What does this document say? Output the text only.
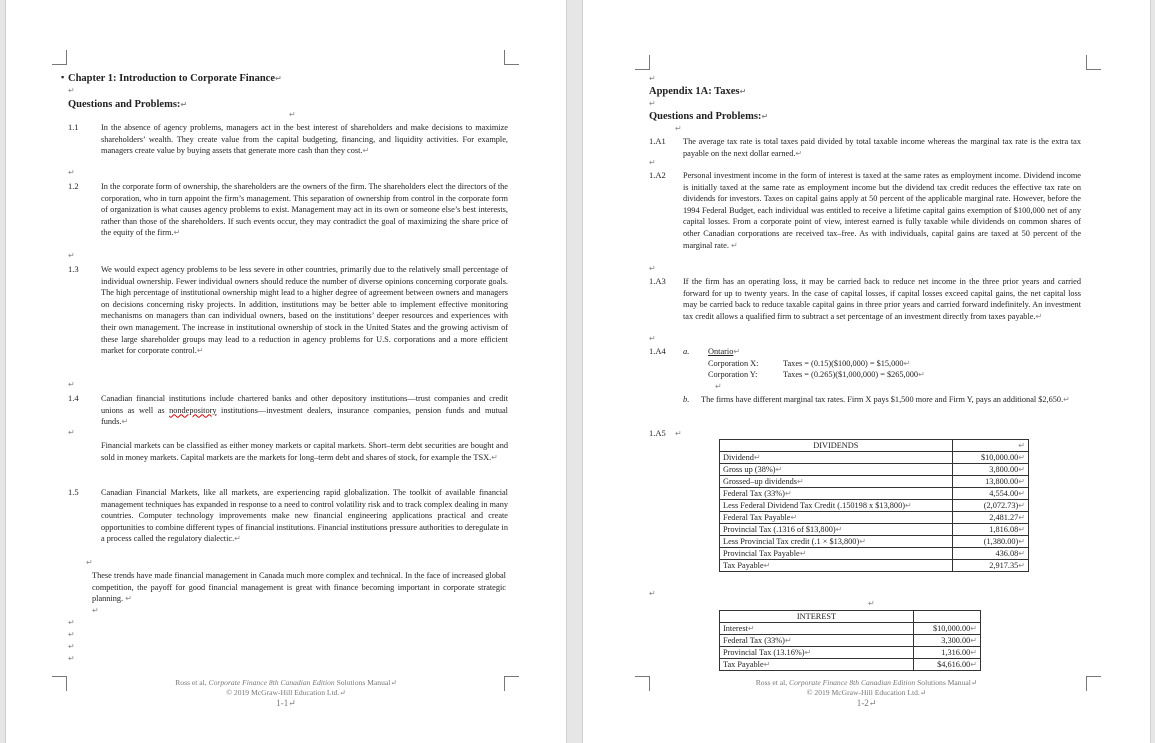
▪ Chapter 1: Introduction to Corporate Finance↵
↵
Questions and Problems:↵
↵
1.1	In the absence of agency problems, managers act in the best interest of shareholders and make decisions to maximize shareholders’ wealth. They create value from the capital budgeting, financing, and liquidity activities. For example, managers create value by buying assets that generate more cash than they cost.↵

↵
1.2	In the corporate form of ownership, the shareholders are the owners of the firm. The shareholders elect the directors of the corporation, who in turn appoint the firm’s management. This separation of ownership from control in the corporate form of organization is what causes agency problems to exist. Management may act in its own or someone else’s best interests, rather than those of the shareholders. If such events occur, they may contradict the goal of maximizing the share price of the equity of the firm.↵

↵
1.3	We would expect agency problems to be less severe in other countries, primarily due to the relatively small percentage of individual ownership. Fewer individual owners should reduce the number of diverse opinions concerning corporate goals. The high percentage of institutional ownership might lead to a higher degree of agreement between owners and managers on decisions concerning risky projects. In addition, institutions may be better able to implement effective monitoring mechanisms on managers than can individual owners, based on the institutions’ deeper resources and experiences with their own management. The increase in institutional ownership of stock in the United States and the growing activism of these large shareholder groups may lead to a reduction in agency problems for U.S. corporations and a more efficient market for corporate control.↵

↵
1.4	Canadian financial institutions include chartered banks and other depository institutions—trust companies and credit unions as well as nondepository institutions—investment dealers, insurance companies, pension funds and mutual funds.↵

↵

Financial markets can be classified as either money markets or capital markets. Short–term debt securities are bought and sold in money markets. Capital markets are the markets for long–term debt and shares of stock, for example the TSX.↵

1.5	Canadian Financial Markets, like all markets, are experiencing rapid globalization. The toolkit of available financial management techniques has expanded in response to a need to control volatility risk and to track complex dealing in many countries. Computer technology improvements make new financial engineering applications practical and create opportunities to combine different types of financial institutions. Financial institutions pressure authorities to deregulate in a process called the regulatory dialectic.↵

↵

These trends have made financial management in Canada much more complex and technical. In the face of increased global competition, the payoff for good financial management is great with finance becoming important in corporate strategic planning. ↵

↵
↵
↵
↵
↵
Ross et al, Corporate Finance 8th Canadian Edition Solutions Manual↵
© 2019 McGraw-Hill Education Ltd.↵
1-1↵
↵
Appendix 1A: Taxes↵
↵
Questions and Problems:↵
↵
1.A1 The average tax rate is total taxes paid divided by total taxable income whereas the marginal tax rate is the extra tax payable on the next dollar earned.↵

↵
1.A2 Personal investment income in the form of interest is taxed at the same rates as employment income. Dividend income is initially taxed at the same rate as employment income but the dividend tax credit reduces the effective tax rate on dividends for investors. Taxes on capital gains apply at 50 percent of the applicable marginal rate. However, before the 1994 Federal Budget, each individual was entitled to receive a lifetime capital gains exemption of $100,000 net of any capital losses. From a corporate point of view, interest earned is fully taxable while dividends on common shares of other Canadian corporations are received tax–free. As with individuals, capital gains are taxed at 50 percent of the marginal rate. ↵

↵
1.A3 If the firm has an operating loss, it may be carried back to reduce net income in the three prior years and carried forward for up to twenty years. In the case of capital losses, if capital losses exceed capital gains, the net capital loss may be carried back to reduce taxable capital gains in three prior years and carried forward indefinitely. An investment tax credit allows a qualified firm to subtract a set percentage of an investment directly from taxes payable.↵

↵
1.A4 a. Ontario↵
Corporation X:	Taxes = (0.15)($100,000) = $15,000↵
Corporation Y:	Taxes = (0.265)($1,000,000) = $265,000↵
↵
b. The firms have different marginal tax rates. Firm X pays $1,500 more and Firm Y, pays an additional $2,650.↵

1.A5 ↵
DIVIDENDS	↵
Dividend↵	$10,000.00↵
Gross up (38%)↵	3,800.00↵
Grossed–up dividends↵	13,800.00↵
Federal Tax (33%)↵	4,554.00↵
Less Federal Dividend Tax Credit (.150198 x $13,800)↵	(2,072.73)↵
Federal Tax Payable↵	2,481.27↵
Provincial Tax (.1316 of $13,800)↵	1,816.08↵
Less Provincial Tax credit (.1 × $13,800)↵	(1,380.00)↵
Provincial Tax Payable↵	436.08↵
Tax Payable↵	2,917.35↵
↵
↵
INTEREST	
Interest↵	$10,000.00↵
Federal Tax (33%)↵	3,300.00↵
Provincial Tax (13.16%)↵	1,316.00↵
Tax Payable↵	$4,616.00↵
Ross et al, Corporate Finance 8th Canadian Edition Solutions Manual↵
© 2019 McGraw-Hill Education Ltd.↵
1-2↵
